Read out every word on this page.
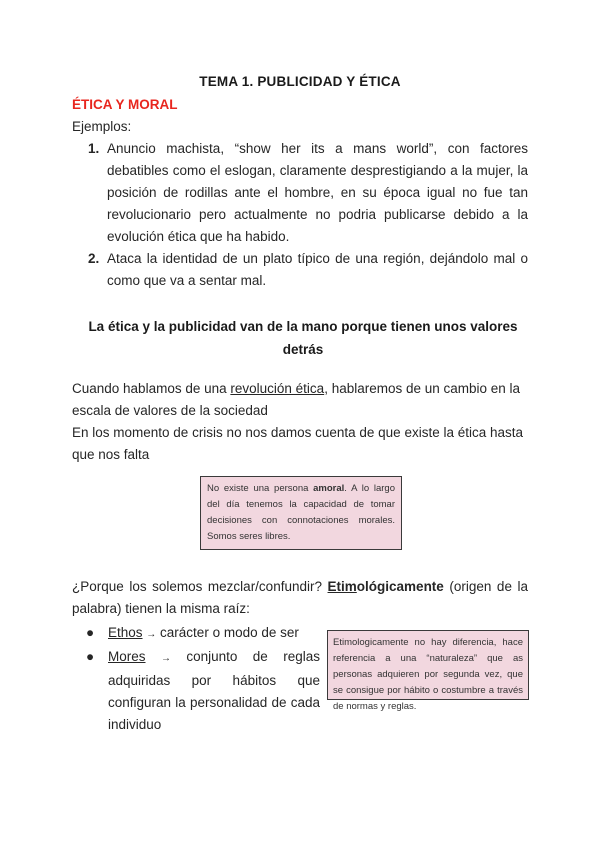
TEMA 1. PUBLICIDAD Y ÉTICA
ÉTICA Y MORAL
Ejemplos:
1. Anuncio machista, “show her its a mans world”, con factores debatibles como el eslogan, claramente desprestigiando a la mujer, la posición de rodillas ante el hombre, en su época igual no fue tan revolucionario pero actualmente no podria publicarse debido a la evolución ética que ha habido.
2. Ataca la identidad de un plato típico de una región, dejándolo mal o como que va a sentar mal.
La ética y la publicidad van de la mano porque tienen unos valores detrás
Cuando hablamos de una revolución ética, hablaremos de un cambio en la escala de valores de la sociedad
En los momento de crisis no nos damos cuenta de que existe la ética hasta que nos falta
No existe una persona amoral. A lo largo del día tenemos la capacidad de tomar decisiones con connotaciones morales. Somos seres libres.
¿Porque los solemos mezclar/confundir? Etimológicamente (origen de la palabra) tienen la misma raíz:
● Ethos → carácter o modo de ser
● Mores → conjunto de reglas adquiridas por hábitos que configuran la personalidad de cada individuo
Etimologicamente no hay diferencia, hace referencia a una “naturaleza” que as personas adquieren por segunda vez, que se consigue por hábito o costumbre a través de normas y reglas.
